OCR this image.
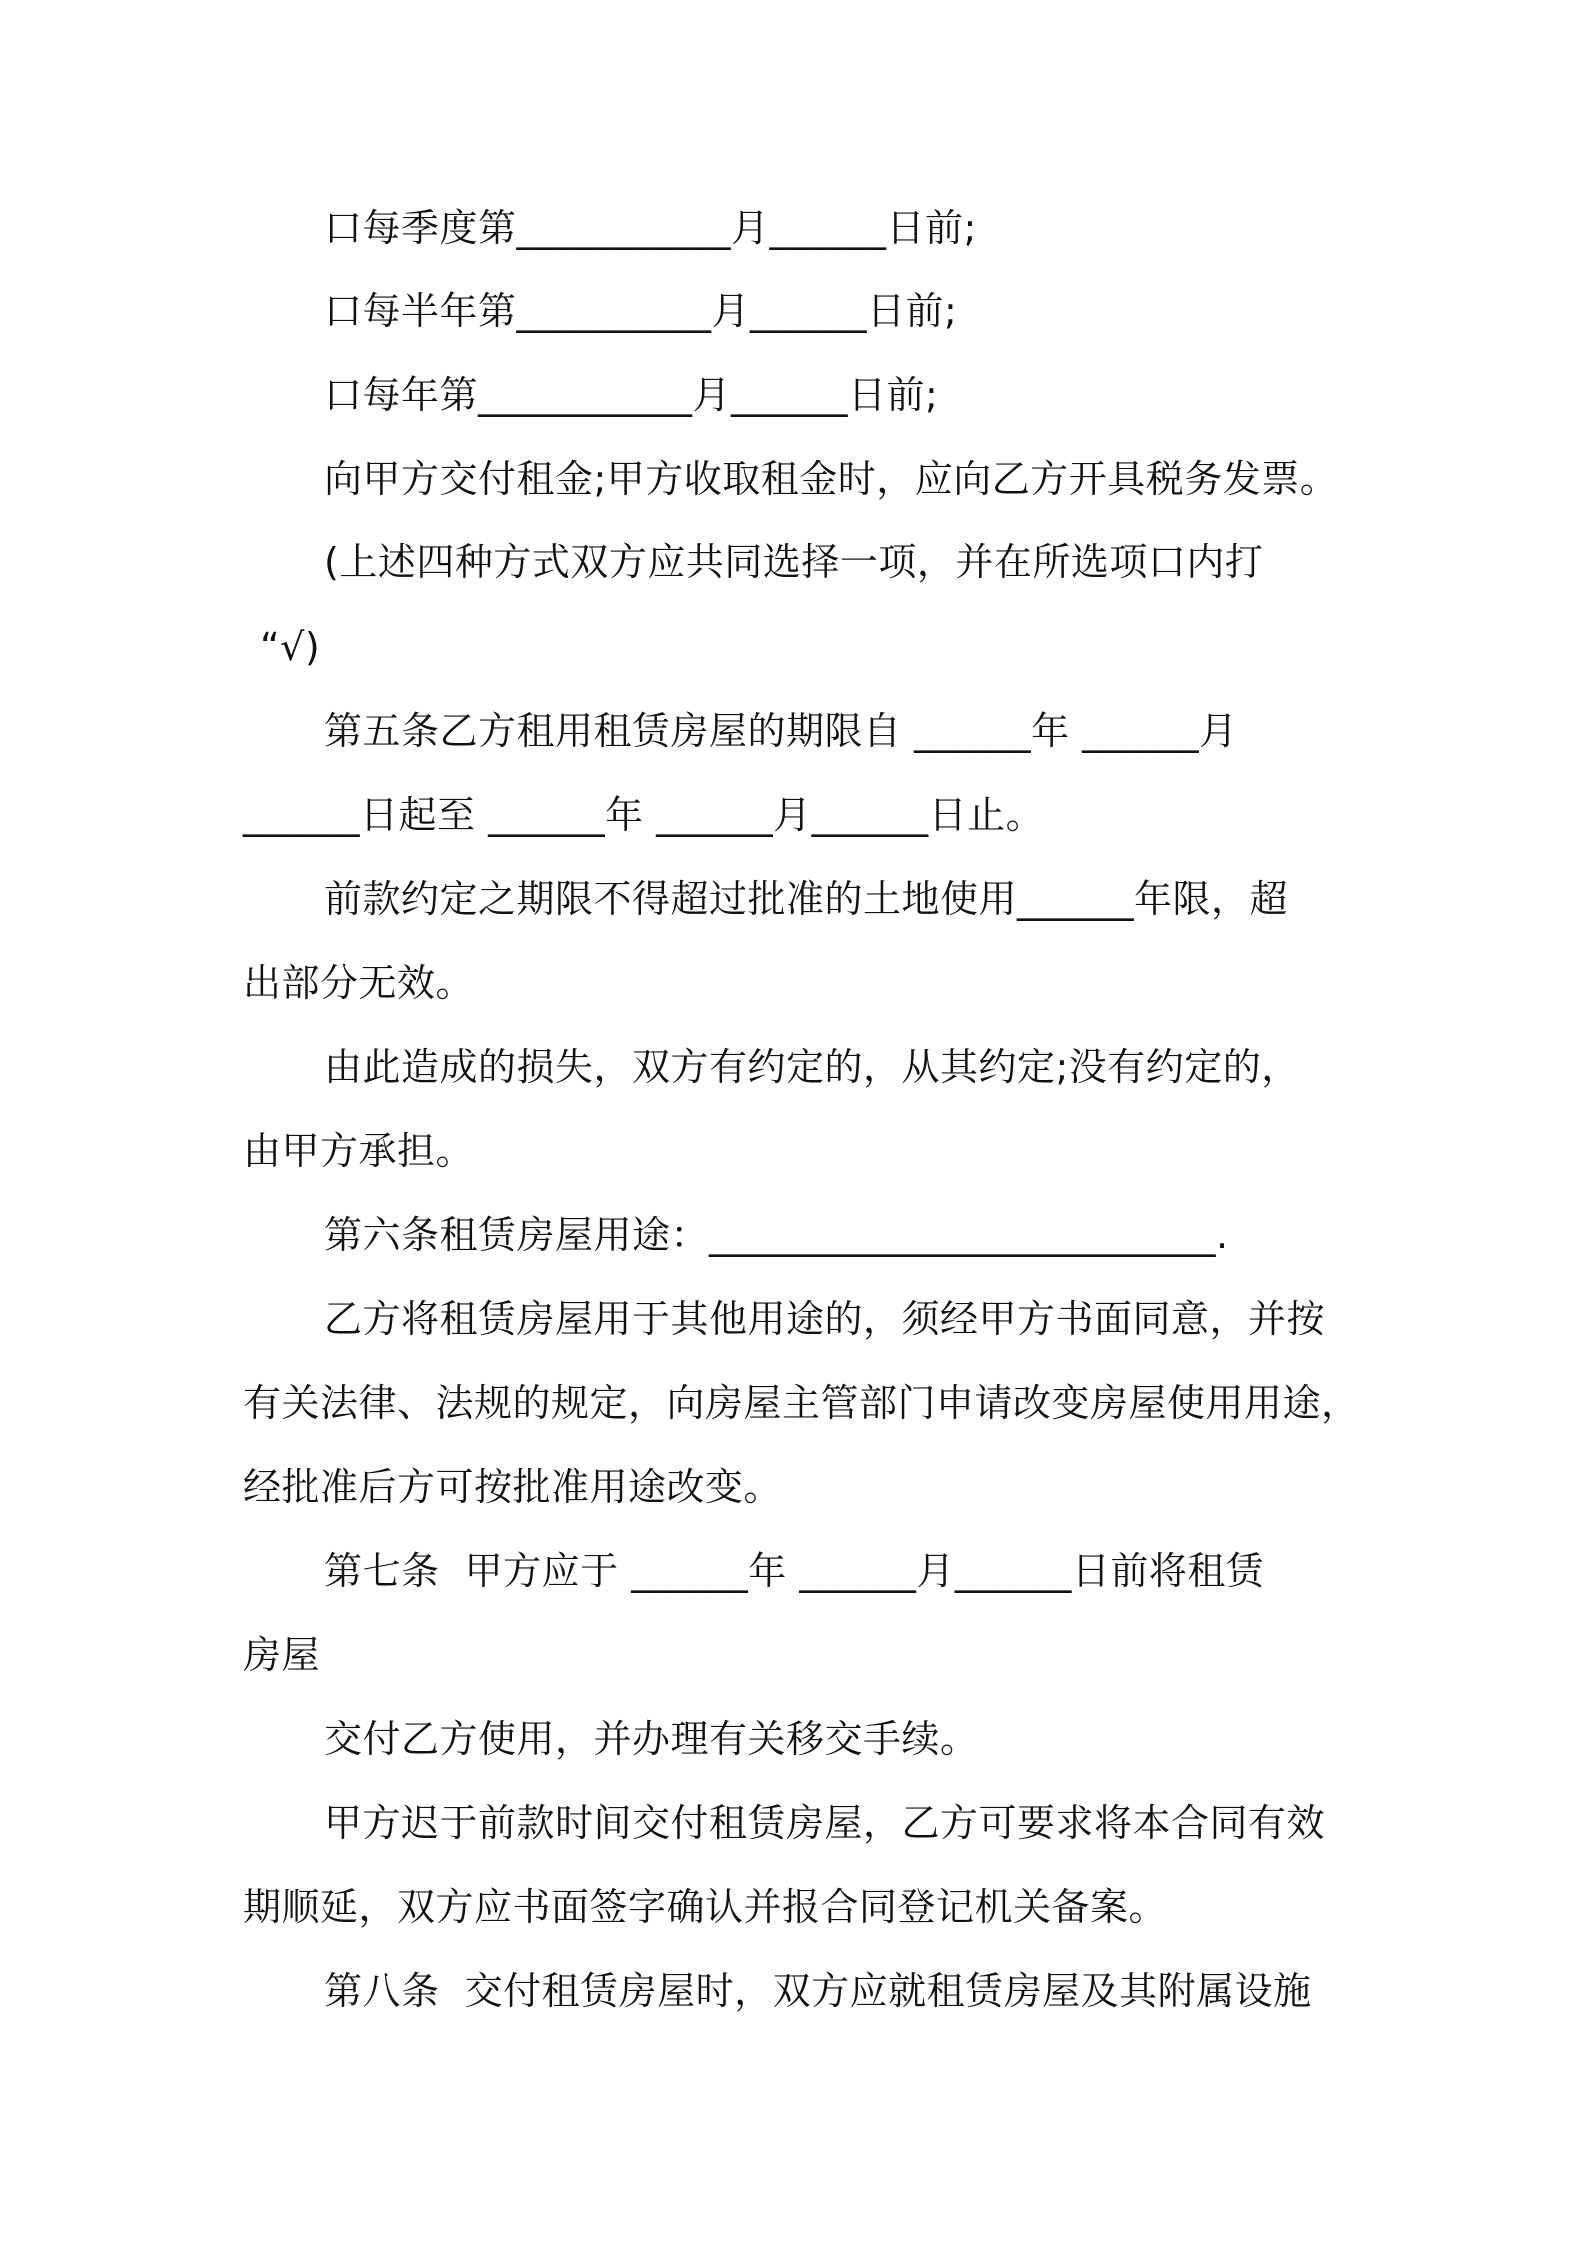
口每季度第___________月______日前;

口每半年第__________月______日前;

口每年第___________月______日前;

向甲方交付租金;甲方收取租金时，应向乙方开具税务发票。

(上述四种方式双方应共同选择一项，并在所选项口内打

“√)

第五条乙方租用租赁房屋的期限自 ______年 ______月

______日起至 ______年 ______月______日止。

前款约定之期限不得超过批准的土地使用______年限，超

出部分无效。

由此造成的损失，双方有约定的，从其约定;没有约定的，

由甲方承担。

第六条租赁房屋用途：__________________________.

乙方将租赁房屋用于其他用途的，须经甲方书面同意，并按

有关法律、法规的规定，向房屋主管部门申请改变房屋使用用途，

经批准后方可按批准用途改变。

第七条  甲方应于 ______年 ______月______日前将租赁

房屋

交付乙方使用，并办理有关移交手续。

甲方迟于前款时间交付租赁房屋，乙方可要求将本合同有效

期顺延，双方应书面签字确认并报合同登记机关备案。

第八条  交付租赁房屋时，双方应就租赁房屋及其附属设施
